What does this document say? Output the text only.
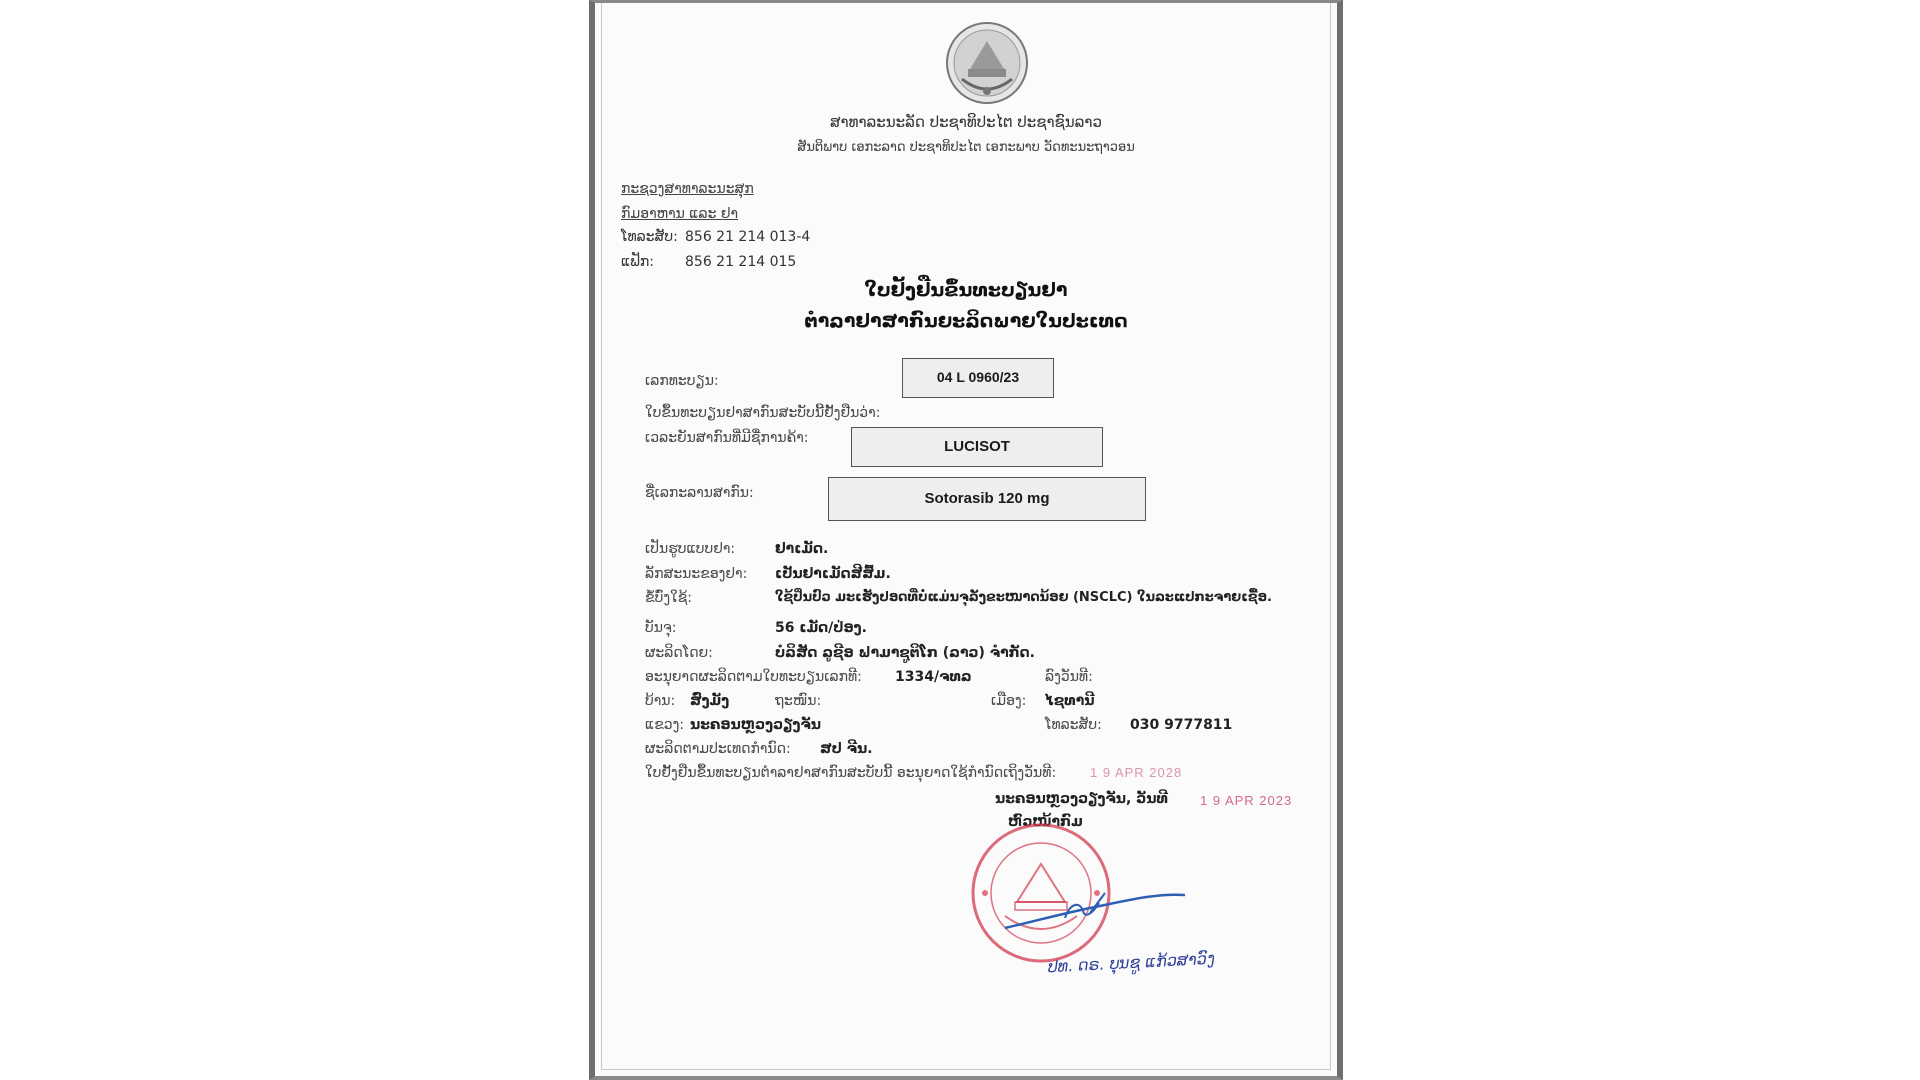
ສາທາລະນະລັດ ປະຊາທິປະໄຕ ປະຊາຊົນລາວ
ສັນຕິພາບ ເອກະລາດ ປະຊາທິປະໄຕ ເອກະພາບ ວັດທະນະຖາວອນ
ກະຊວງສາທາລະນະສຸກ
ກົມອາຫານ ແລະ ຢາ
ໂທລະສັບ: 856 21 214 013-4
ແຟັກ: 856 21 214 015
ໃບຢັ້ງຢືນຂຶ້ນທະບຽນຢາ
ຕຳລາຢາສາກົນຍະລິດພາຍໃນປະເທດ
ເລກທະບຽນ:	04 L 0960/23
ໃບຂຶ້ນທະບຽນຢາສາກົນສະບັບນີ້ຢັ້ງຢືນວ່າ:
ເວລະຍັນສາກົນທີ່ມີຊື່ການຄ້າ:	LUCISOT
ຊື່ເລກະລານສາກົນ:	Sotorasib 120 mg
ເປັນຮູບແບບຢາ:	ຢາເມັດ.
ລັກສະນະຂອງຢາ: ເປັນຢາເມັດສີສົ້ມ.
ຂໍ້ບົ່ງໃຊ້:	ໃຊ້ປິ່ນປົວ ມະເຮັງປອດທີ່ບໍ່ແມ່ນຈຸລັງຂະໜາດນ້ອຍ (NSCLC) ໃນລະແປກະຈາຍເຊື້ອ.
ບັນຈຸ:	56 ເມັດ/ປ່ອງ.
ຜະລິດໂດຍ:	ບໍລິສັດ ລູຊີອ ຟາມາຊູຕິໂກ (ລາວ) ຈຳກັດ.
ອະນຸຍາດຜະລິດຕາມໃບທະບຽນເລກທີ: 1334/ຈທລ	ລົງວັນທີ:
ບ້ານ: ສົ່ງມັງ	ຖະໜົນ:	ເມືອງ: ໄຊທານີ
ແຂວງ: ນະຄອນຫຼວງວຽງຈັນ	ໂທລະສັບ: 030 9777811
ຜະລິດຕາມປະເທດກຳນົດ: ສປ ຈີນ.
ໃບຢັ້ງຢືນຂຶ້ນທະບຽນຕຳລາຢາສາກົນສະບັບນີ້ ອະນຸຍາດໃຊ້ກຳນົດເຖິງວັນທີ:	1 9 APR 2028
ນະຄອນຫຼວງວຽງຈັນ, ວັນທີ 1 9 APR 2023
ຫົວໜ້າກົມ
ປທ. ດຣ. ບຸນຊູ ແກ້ວສາວົງ
